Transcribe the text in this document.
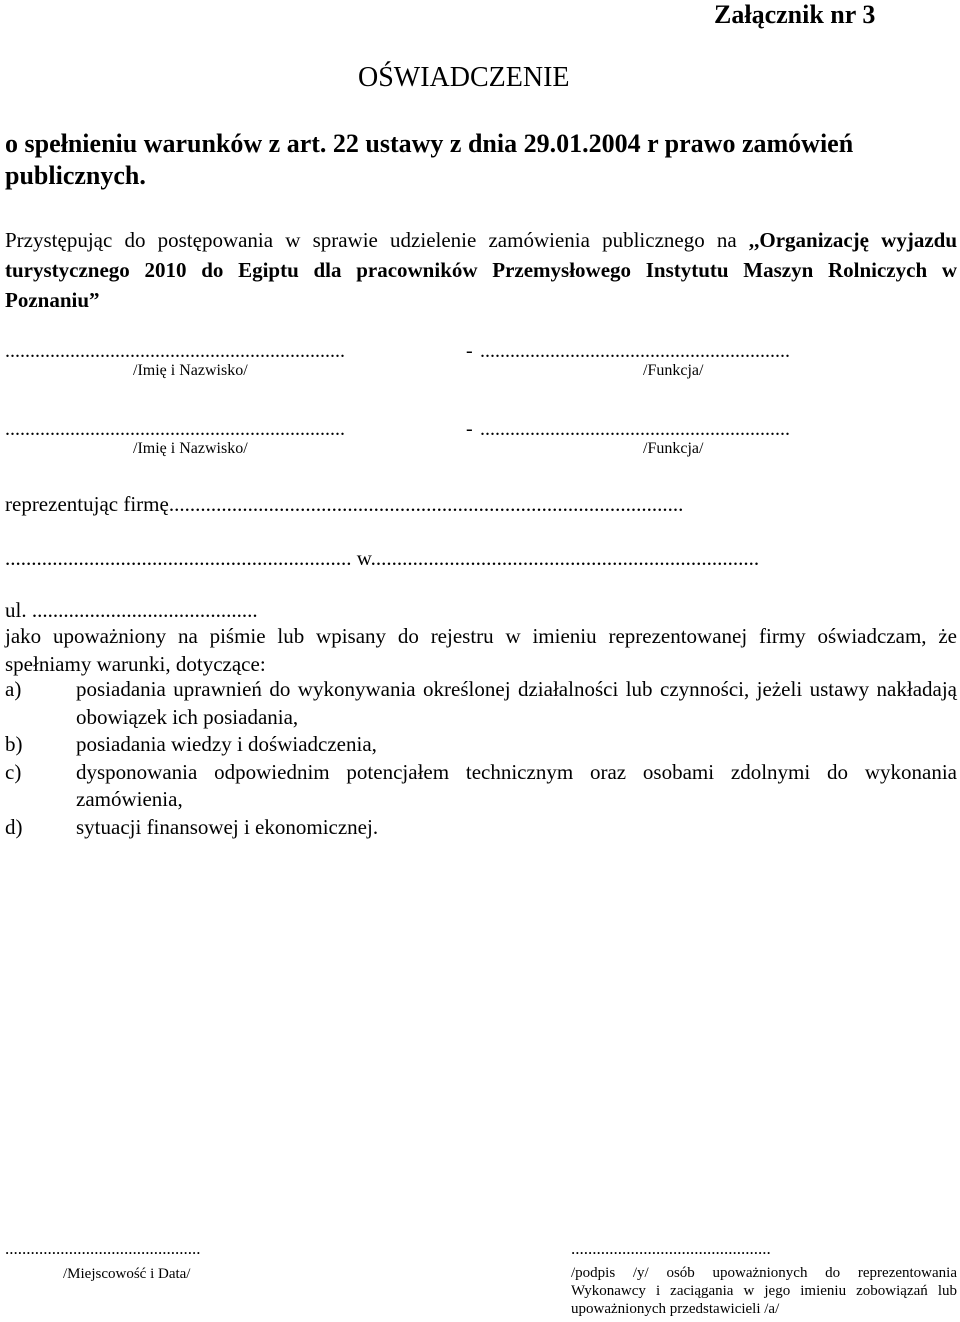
Załącznik nr 3
OŚWIADCZENIE
o spełnieniu warunków z art. 22 ustawy z dnia 29.01.2004 r prawo zamówień publicznych.
Przystępując do postępowania w sprawie udzielenie zamówienia publicznego na ,,Organizację wyjazdu turystycznego 2010 do Egiptu dla pracowników Przemysłowego Instytutu Maszyn Rolniczych w Poznaniu”
....................................................................	- ..............................................................
/Imię i Nazwisko/	/Funkcja/
....................................................................	- ..............................................................
/Imię i Nazwisko/	/Funkcja/
reprezentując firmę..................................................................................................
.................................................................. w..........................................................................
ul. ...........................................

jako upoważniony na piśmie lub wpisany do rejestru w imieniu reprezentowanej firmy oświadczam, że spełniamy warunki, dotyczące:

a)	posiadania uprawnień do wykonywania określonej działalności lub czynności, jeżeli ustawy nakładają obowiązek ich posiadania,
b)	posiadania wiedzy i doświadczenia,
c)	dysponowania odpowiednim potencjałem technicznym oraz osobami zdolnymi do wykonania zamówienia,
d)	sytuacji finansowej i ekonomicznej.
..............................................
/Miejscowość i Data/
...............................................
/podpis /y/ osób upoważnionych do reprezentowania Wykonawcy i zaciągania w jego imieniu zobowiązań lub upoważnionych przedstawicieli /a/
